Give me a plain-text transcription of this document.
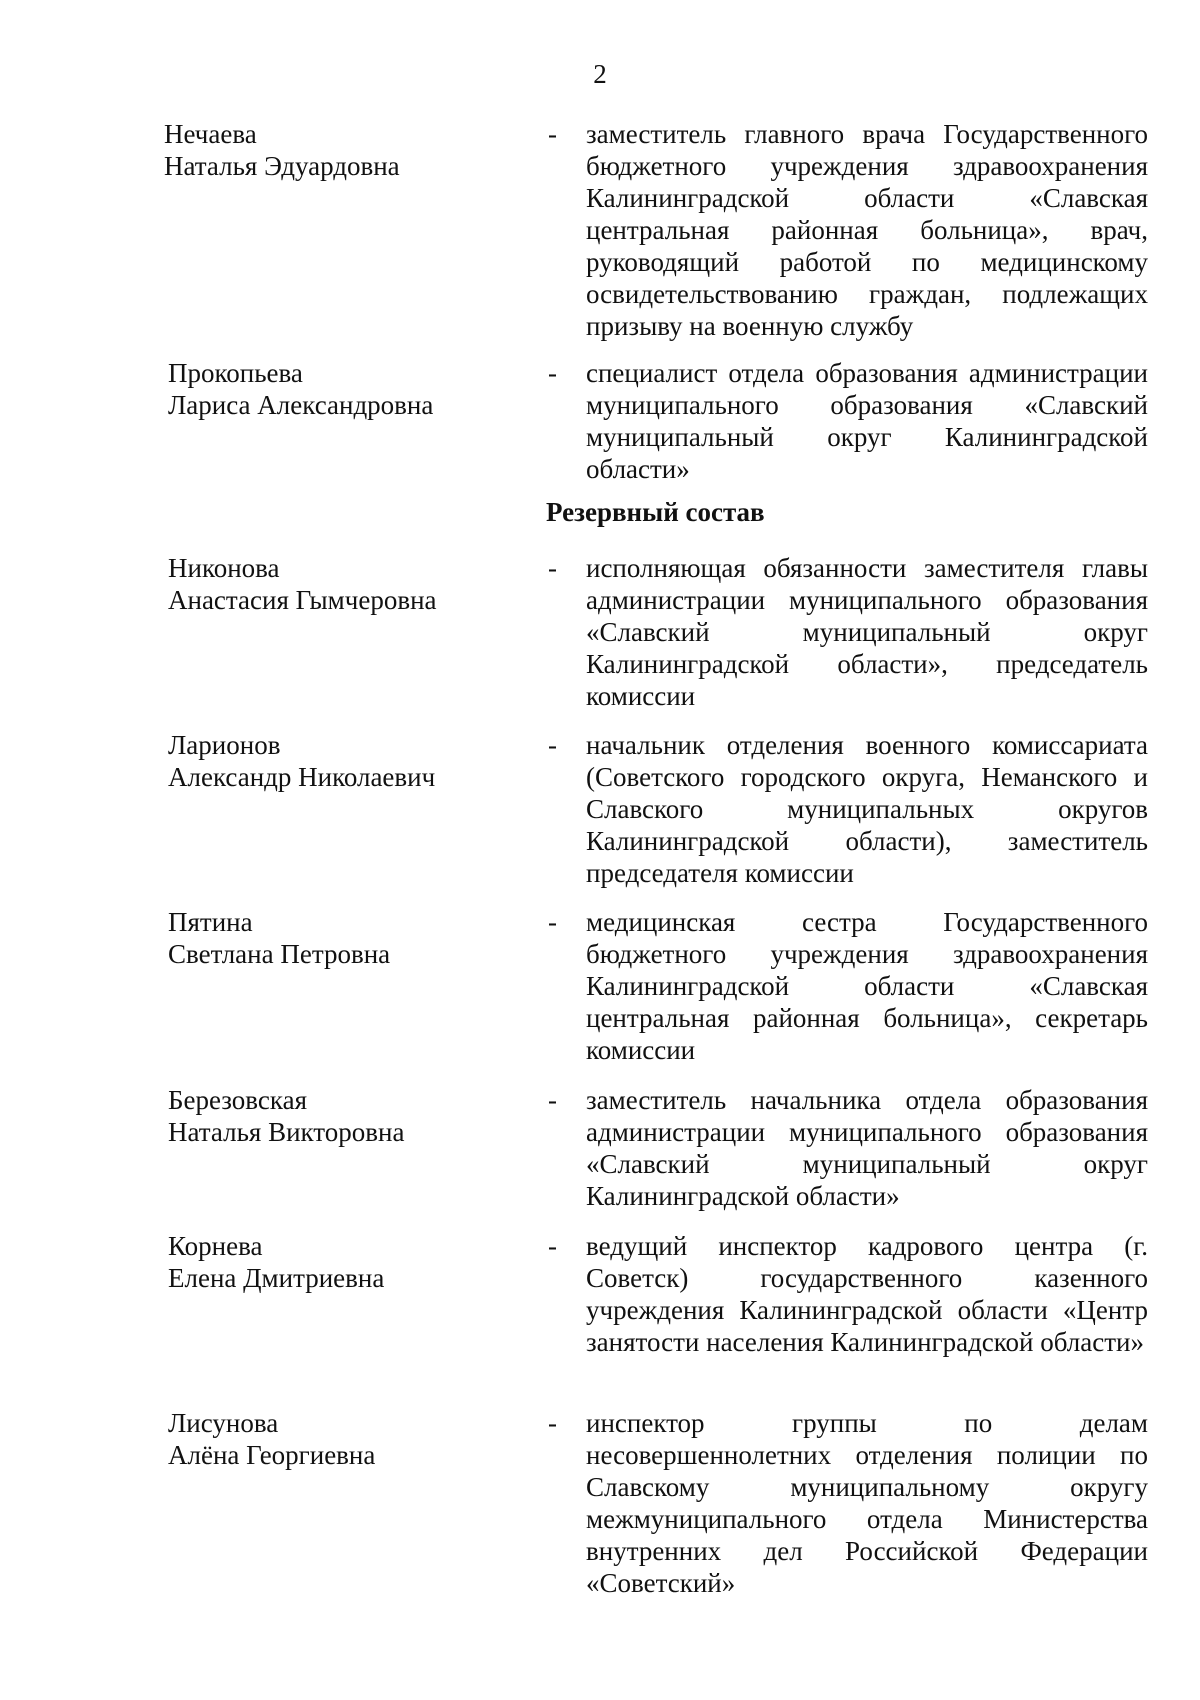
2
Нечаева
Наталья Эдуардовна
- заместитель главного врача Государственного бюджетного учреждения здравоохранения Калининградской области «Славская центральная районная больница», врач, руководящий работой по медицинскому освидетельствованию граждан, подлежащих призыву на военную службу
Прокопьева
Лариса Александровна
- специалист отдела образования администрации муниципального образования «Славский муниципальный округ Калининградской области»
Резервный состав
Никонова
Анастасия Гымчеровна
- исполняющая обязанности заместителя главы администрации муниципального образования «Славский муниципальный округ Калининградской области», председатель комиссии
Ларионов
Александр Николаевич
- начальник отделения военного комиссариата (Советского городского округа, Неманского и Славского муниципальных округов Калининградской области), заместитель председателя комиссии
Пятина
Светлана Петровна
- медицинская сестра Государственного бюджетного учреждения здравоохранения Калининградской области «Славская центральная районная больница», секретарь комиссии
Березовская
Наталья Викторовна
- заместитель начальника отдела образования администрации муниципального образования «Славский муниципальный округ Калининградской области»
Корнева
Елена Дмитриевна
- ведущий инспектор кадрового центра (г. Советск) государственного казенного учреждения Калининградской области «Центр занятости населения Калининградской области»
Лисунова
Алёна Георгиевна
- инспектор группы по делам несовершеннолетних отделения полиции по Славскому муниципальному округу межмуниципального отдела Министерства внутренних дел Российской Федерации «Советский»
